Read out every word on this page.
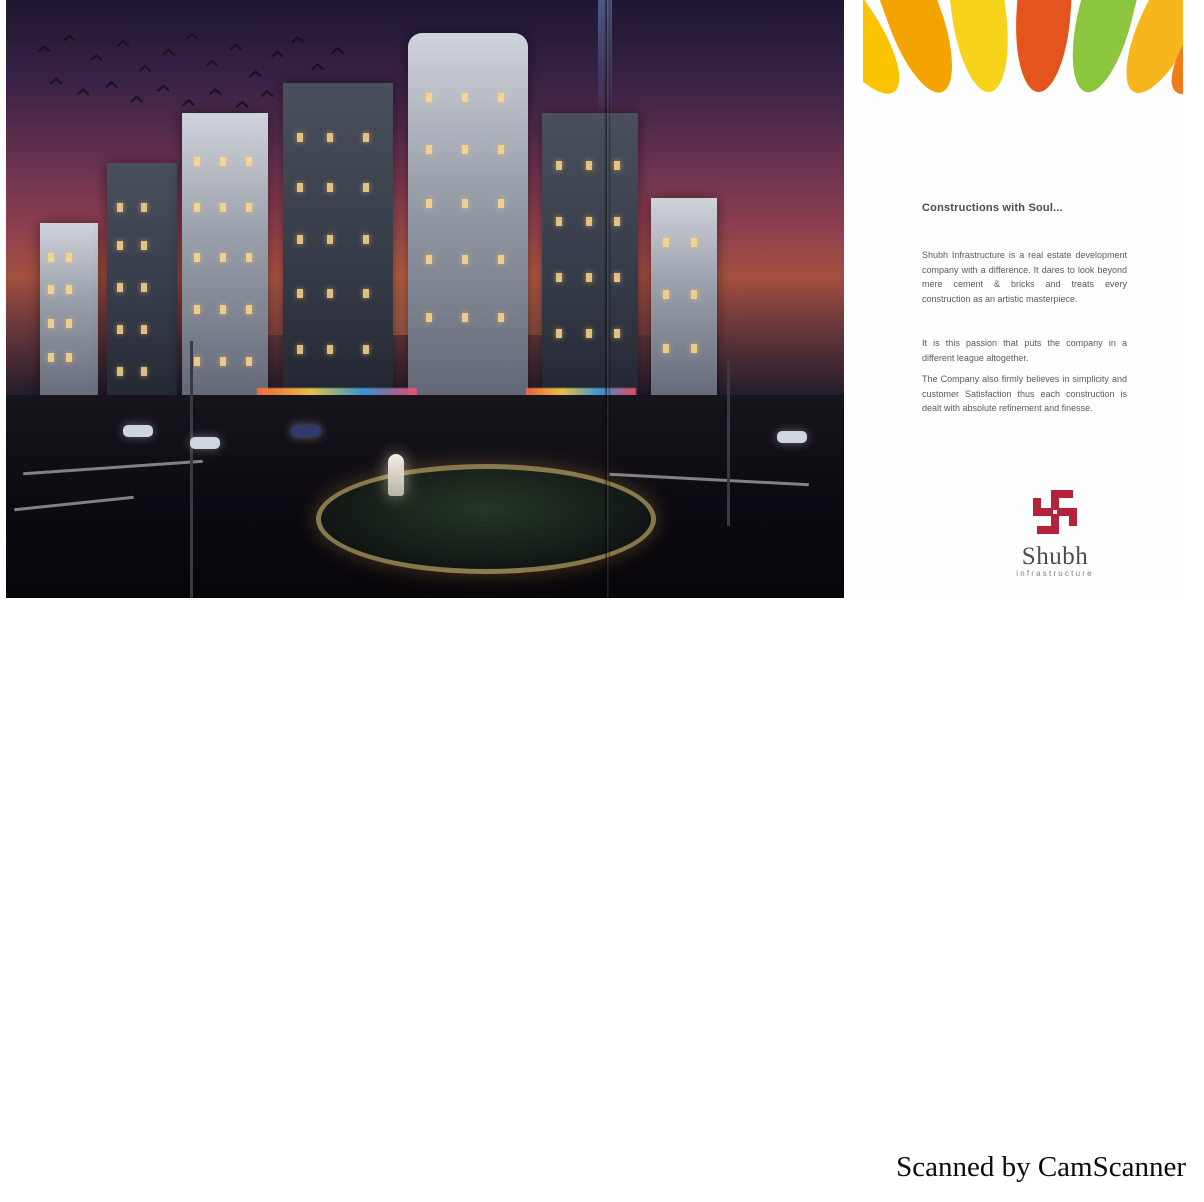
Constructions with Soul...
Shubh Infrastructure is a real estate development company with a difference. It dares to look beyond mere cement & bricks and treats every construction as an artistic masterpiece.
It is this passion that puts the company in a different league altogether.
The Company also firmly believes in simplicity and customer Satisfaction thus each construction is dealt with absolute refinement and finesse.
Shubh
infrastructure
Scanned by CamScanner
